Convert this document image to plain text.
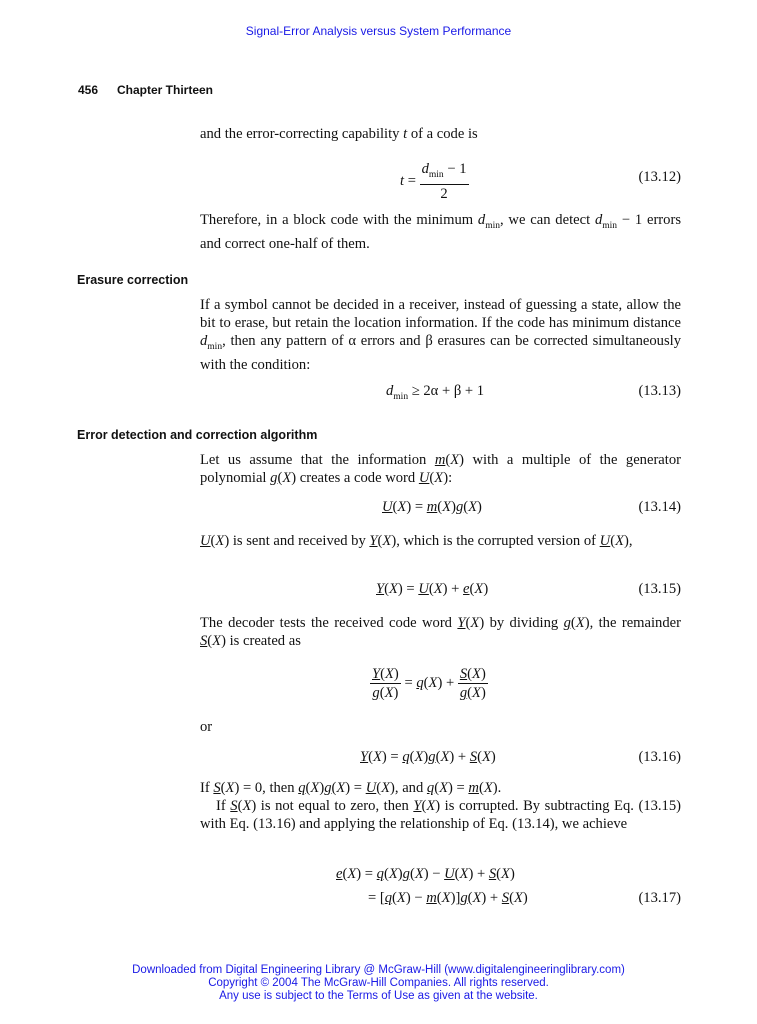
Signal-Error Analysis versus System Performance
456 Chapter Thirteen
and the error-correcting capability t of a code is
$t = \frac{d_{min} - 1}{2}$	(13.12)
Therefore, in a block code with the minimum $d_{min}$, we can detect $d_{min} - 1$ errors and correct one-half of them.
Erasure correction
If a symbol cannot be decided in a receiver, instead of guessing a state, allow the bit to erase, but retain the location information. If the code has minimum distance $d_{min}$, then any pattern of α errors and β erasures can be corrected simultaneously with the condition:
$d_{min} \ge 2\alpha + \beta + 1$	(13.13)
Error detection and correction algorithm
Let us assume that the information m(X) with a multiple of the generator polynomial g(X) creates a code word U(X):
U(X) = m(X)g(X)	(13.14)
U(X) is sent and received by Y(X), which is the corrupted version of U(X),
Y(X) = U(X) + e(X)	(13.15)
The decoder tests the received code word Y(X) by dividing g(X), the remainder S(X) is created as
$\frac{Y(X)}{g(X)} = q(X) + \frac{S(X)}{g(X)}$
or
Y(X) = q(X)g(X) + S(X)	(13.16)
If S(X) = 0, then q(X)g(X) = U(X), and q(X) = m(X).
If S(X) is not equal to zero, then Y(X) is corrupted. By subtracting Eq. (13.15) with Eq. (13.16) and applying the relationship of Eq. (13.14), we achieve
e(X) = q(X)g(X) − U(X) + S(X)
= [q(X) − m(X)]g(X) + S(X)	(13.17)
Downloaded from Digital Engineering Library @ McGraw-Hill (www.digitalengineeringlibrary.com)
Copyright © 2004 The McGraw-Hill Companies. All rights reserved.
Any use is subject to the Terms of Use as given at the website.
